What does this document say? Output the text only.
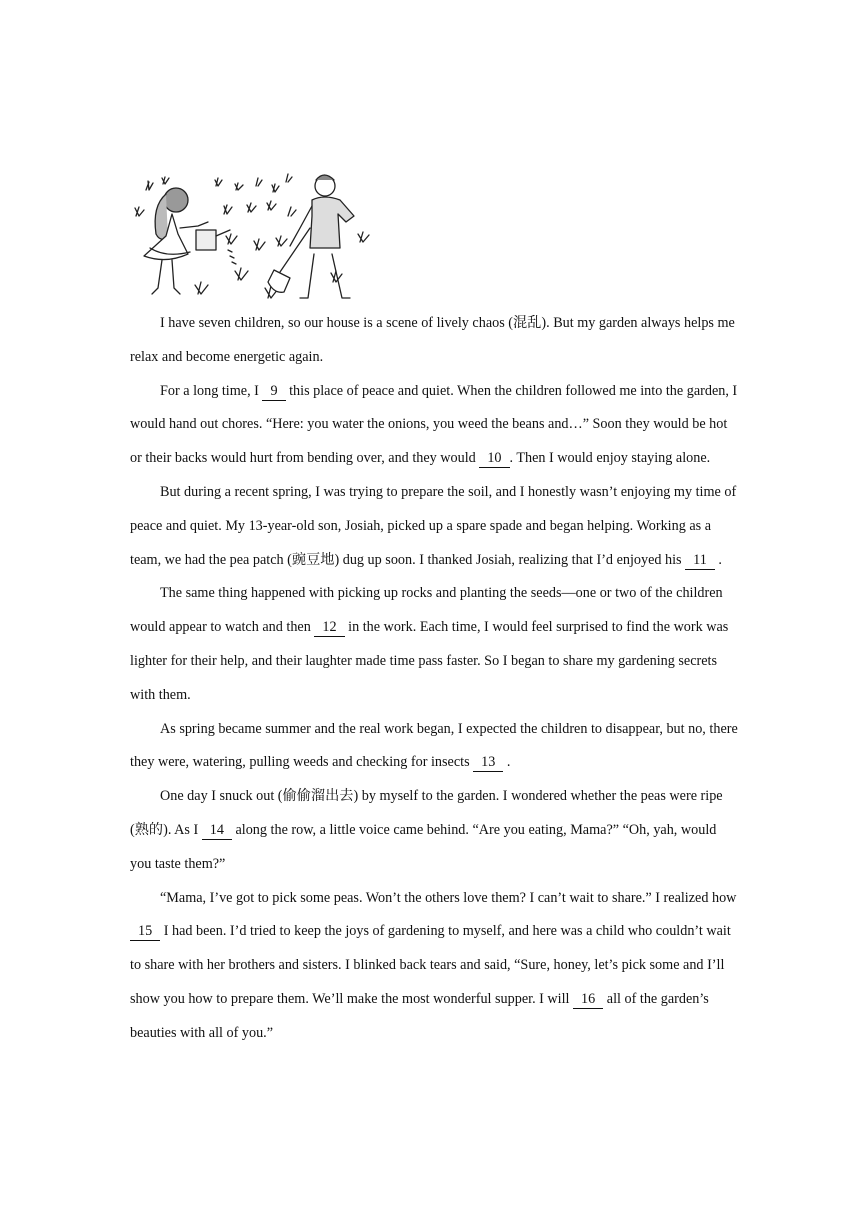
I have seven children, so our house is a scene of lively chaos (混乱). But my garden always helps me relax and become energetic again.

For a long time, I 9 this place of peace and quiet. When the children followed me into the garden, I would hand out chores. “Here: you water the onions, you weed the beans and…” Soon they would be hot or their backs would hurt from bending over, and they would 10 . Then I would enjoy staying alone.

But during a recent spring, I was trying to prepare the soil, and I honestly wasn’t enjoying my time of peace and quiet. My 13-year-old son, Josiah, picked up a spare spade and began helping. Working as a team, we had the pea patch (豌豆地) dug up soon. I thanked Josiah, realizing that I’d enjoyed his 11 .

The same thing happened with picking up rocks and planting the seeds—one or two of the children would appear to watch and then 12 in the work. Each time, I would feel surprised to find the work was lighter for their help, and their laughter made time pass faster. So I began to share my gardening secrets with them.

As spring became summer and the real work began, I expected the children to disappear, but no, there they were, watering, pulling weeds and checking for insects 13 .

One day I snuck out (偷偷溜出去) by myself to the garden. I wondered whether the peas were ripe (熟的). As I 14 along the row, a little voice came behind. “Are you eating, Mama?” “Oh, yah, would you taste them?”

“Mama, I’ve got to pick some peas. Won’t the others love them? I can’t wait to share.” I realized how 15 I had been. I’d tried to keep the joys of gardening to myself, and here was a child who couldn’t wait to share with her brothers and sisters. I blinked back tears and said, “Sure, honey, let’s pick some and I’ll show you how to prepare them. We’ll make the most wonderful supper. I will 16 all of the garden’s beauties with all of you.”
